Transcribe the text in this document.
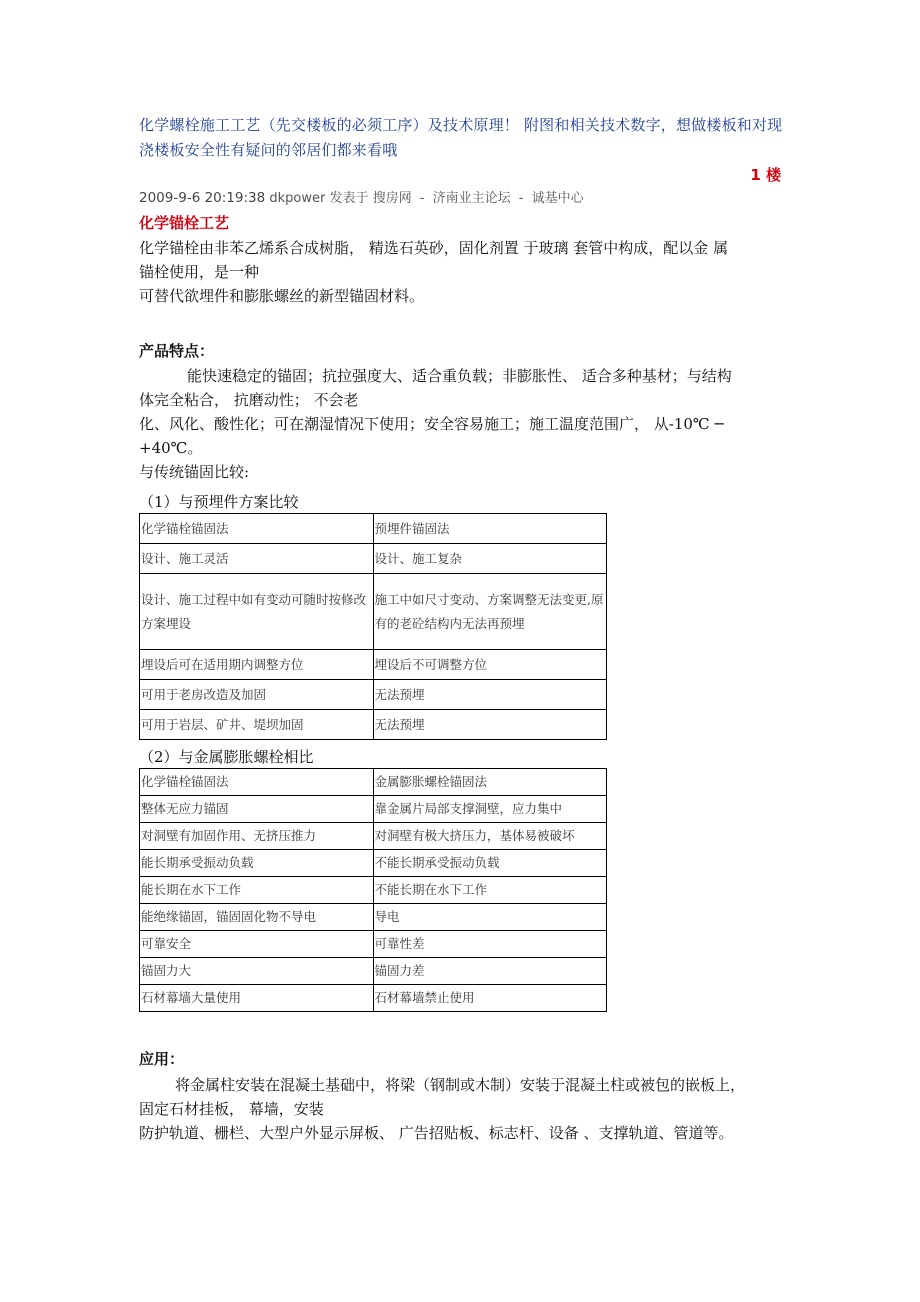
化学螺栓施工工艺（先交楼板的必须工序）及技术原理！ 附图和相关技术数字，想做楼板和对现浇楼板安全性有疑问的邻居们都来看哦
1 楼
2009-9-6 20:19:38 dkpower 发表于 搜房网 - 济南业主论坛 - 诚基中心
化学锚栓工艺
化学锚栓由非苯乙烯系合成树脂， 精选石英砂，固化剂置 于玻璃 套管中构成，配以金 属
锚栓使用，是一种
可替代欲埋件和膨胀螺丝的新型锚固材料。
产品特点：
能快速稳定的锚固；抗拉强度大、适合重负载；非膨胀性、 适合多种基材；与结构
体完全粘合， 抗磨动性； 不会老
化、风化、酸性化；可在潮湿情况下使用；安全容易施工；施工温度范围广， 从-10℃ ─
+40℃。
与传统锚固比较:
（1）与预埋件方案比较
化学锚栓锚固法	预埋件锚固法
设计、施工灵活	设计、施工复杂
设计、施工过程中如有变动可随时按修改
方案埋设	施工中如尺寸变动、方案调整无法变更,原
有的老砼结构内无法再预埋
埋设后可在适用期内调整方位	埋设后不可调整方位
可用于老房改造及加固	无法预埋
可用于岩层、矿井、堤坝加固	无法预埋
（2）与金属膨胀螺栓相比
化学锚栓锚固法	金属膨胀螺栓锚固法
整体无应力锚固	靠金属片局部支撑洞壁，应力集中
对洞壁有加固作用、无挤压推力	对洞壁有极大挤压力，基体易被破坏
能长期承受振动负载	不能长期承受振动负载
能长期在水下工作	不能长期在水下工作
能绝缘锚固，锚固固化物不导电	导电
可靠安全	可靠性差
锚固力大	锚固力差
石材幕墙大量使用	石材幕墙禁止使用
应用：
将金属柱安装在混凝土基础中，将梁（钢制或木制）安装于混凝土柱或被包的嵌板上，
固定石材挂板， 幕墙，安装
防护轨道、栅栏、大型户外显示屏板、 广告招贴板、标志杆、设备 、支撑轨道、管道等。
